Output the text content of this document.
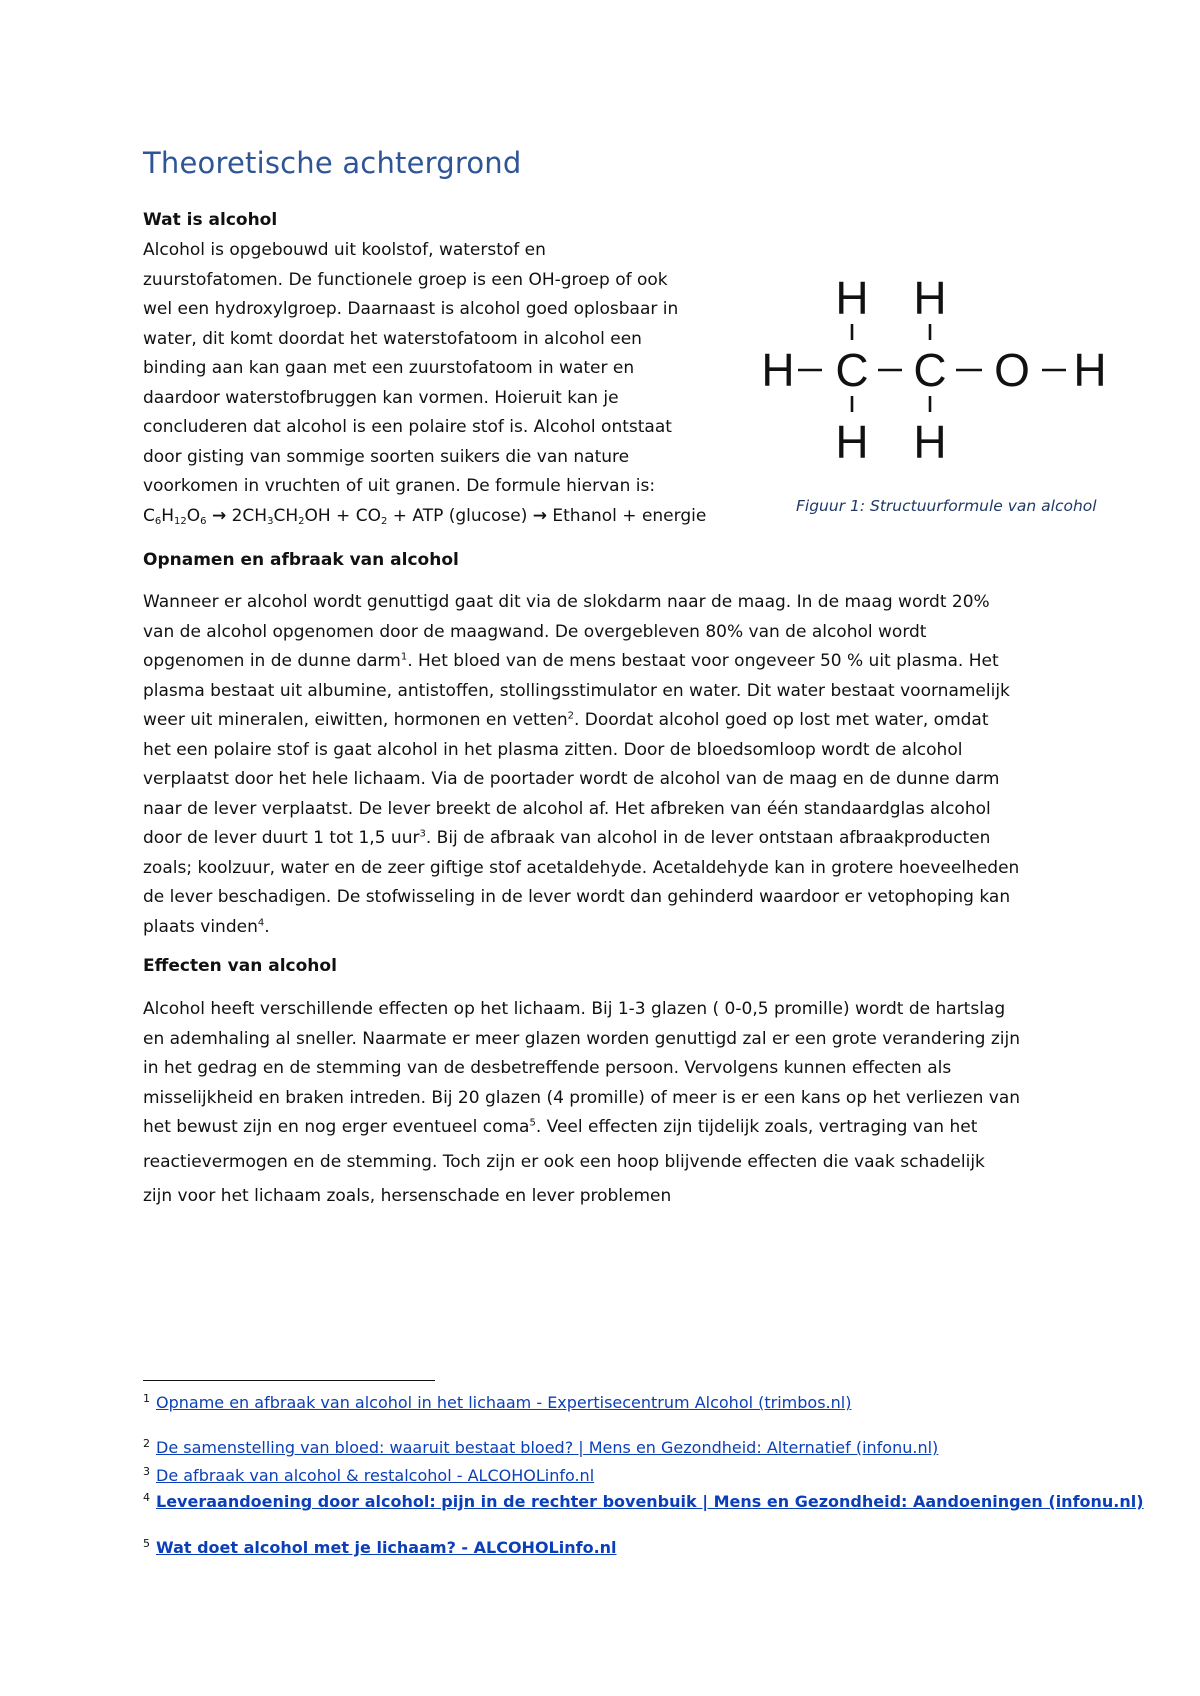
Theoretische achtergrond
Wat is alcohol
Alcohol is opgebouwd uit koolstof, waterstof en
zuurstofatomen. De functionele groep is een OH-groep of ook
wel een hydroxylgroep. Daarnaast is alcohol goed oplosbaar in
water, dit komt doordat het waterstofatoom in alcohol een
binding aan kan gaan met een zuurstofatoom in water en
daardoor waterstofbruggen kan vormen. Hoieruit kan je
concluderen dat alcohol is een polaire stof is. Alcohol ontstaat
door gisting van sommige soorten suikers die van nature
voorkomen in vruchten of uit granen. De formule hiervan is:
$C_6H_{12}O_6 \to 2CH_3CH_2OH + CO_2$ + ATP (glucose) → Ethanol + energie
H H
H C C O H
H H

Figuur 1: Structuurformule van alcohol

Opnamen en afbraak van alcohol
Wanneer er alcohol wordt genuttigd gaat dit via de slokdarm naar de maag. In de maag wordt 20%
van de alcohol opgenomen door de maagwand. De overgebleven 80% van de alcohol wordt
opgenomen in de dunne darm$^1$. Het bloed van de mens bestaat voor ongeveer 50 % uit plasma. Het
plasma bestaat uit albumine, antistoffen, stollingsstimulator en water. Dit water bestaat voornamelijk
weer uit mineralen, eiwitten, hormonen en vetten$^2$. Doordat alcohol goed op lost met water, omdat
het een polaire stof is gaat alcohol in het plasma zitten. Door de bloedsomloop wordt de alcohol
verplaatst door het hele lichaam. Via de poortader wordt de alcohol van de maag en de dunne darm
naar de lever verplaatst. De lever breekt de alcohol af. Het afbreken van één standaardglas alcohol
door de lever duurt 1 tot 1,5 uur$^3$. Bij de afbraak van alcohol in de lever ontstaan afbraakproducten
zoals; koolzuur, water en de zeer giftige stof acetaldehyde. Acetaldehyde kan in grotere hoeveelheden
de lever beschadigen. De stofwisseling in de lever wordt dan gehinderd waardoor er vetophoping kan
plaats vinden$^4$.
Effecten van alcohol
Alcohol heeft verschillende effecten op het lichaam. Bij 1-3 glazen ( 0-0,5 promille) wordt de hartslag
en ademhaling al sneller. Naarmate er meer glazen worden genuttigd zal er een grote verandering zijn
in het gedrag en de stemming van de desbetreffende persoon. Vervolgens kunnen effecten als
misselijkheid en braken intreden. Bij 20 glazen (4 promille) of meer is er een kans op het verliezen van
het bewust zijn en nog erger eventueel coma$^5$. Veel effecten zijn tijdelijk zoals, vertraging van het
reactievermogen en de stemming. Toch zijn er ook een hoop blijvende effecten die vaak schadelijk
zijn voor het lichaam zoals, hersenschade en lever problemen

$^1$ Opname en afbraak van alcohol in het lichaam - Expertisecentrum Alcohol (trimbos.nl)

$^2$ De samenstelling van bloed: waaruit bestaat bloed? | Mens en Gezondheid: Alternatief (infonu.nl)

$^3$ De afbraak van alcohol & restalcohol - ALCOHOLinfo.nl

$^4$ Leveraandoening door alcohol: pijn in de rechter bovenbuik | Mens en Gezondheid: Aandoeningen (infonu.nl)

$^5$ Wat doet alcohol met je lichaam? - ALCOHOLinfo.nl
